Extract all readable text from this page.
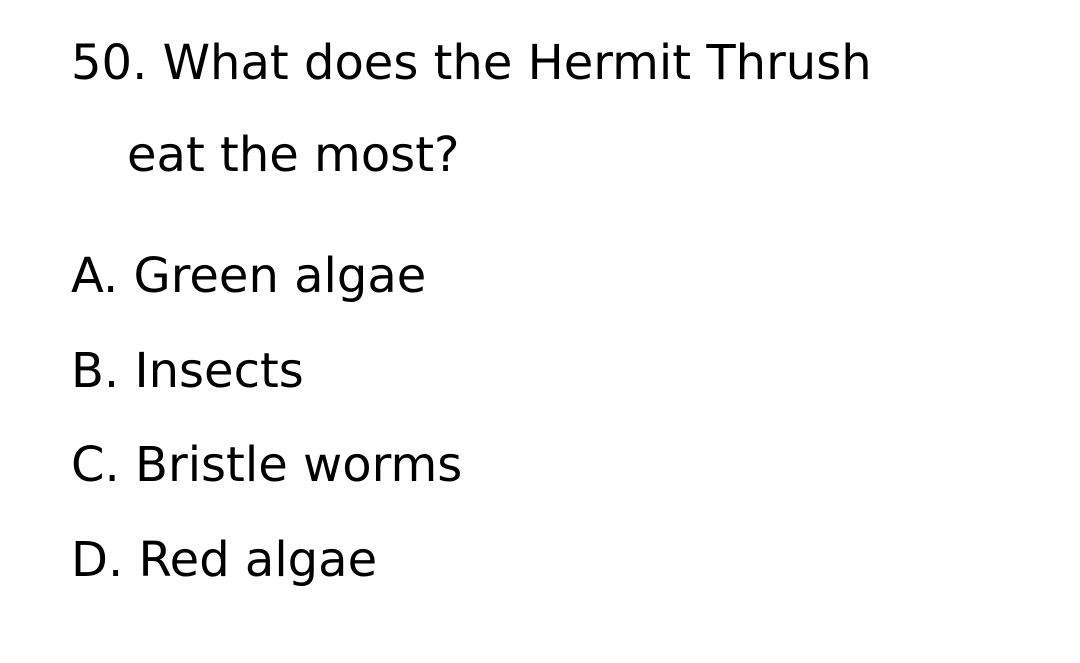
50. What does the Hermit Thrush

eat the most?

A. Green algae
B. Insects
C. Bristle worms
D. Red algae
